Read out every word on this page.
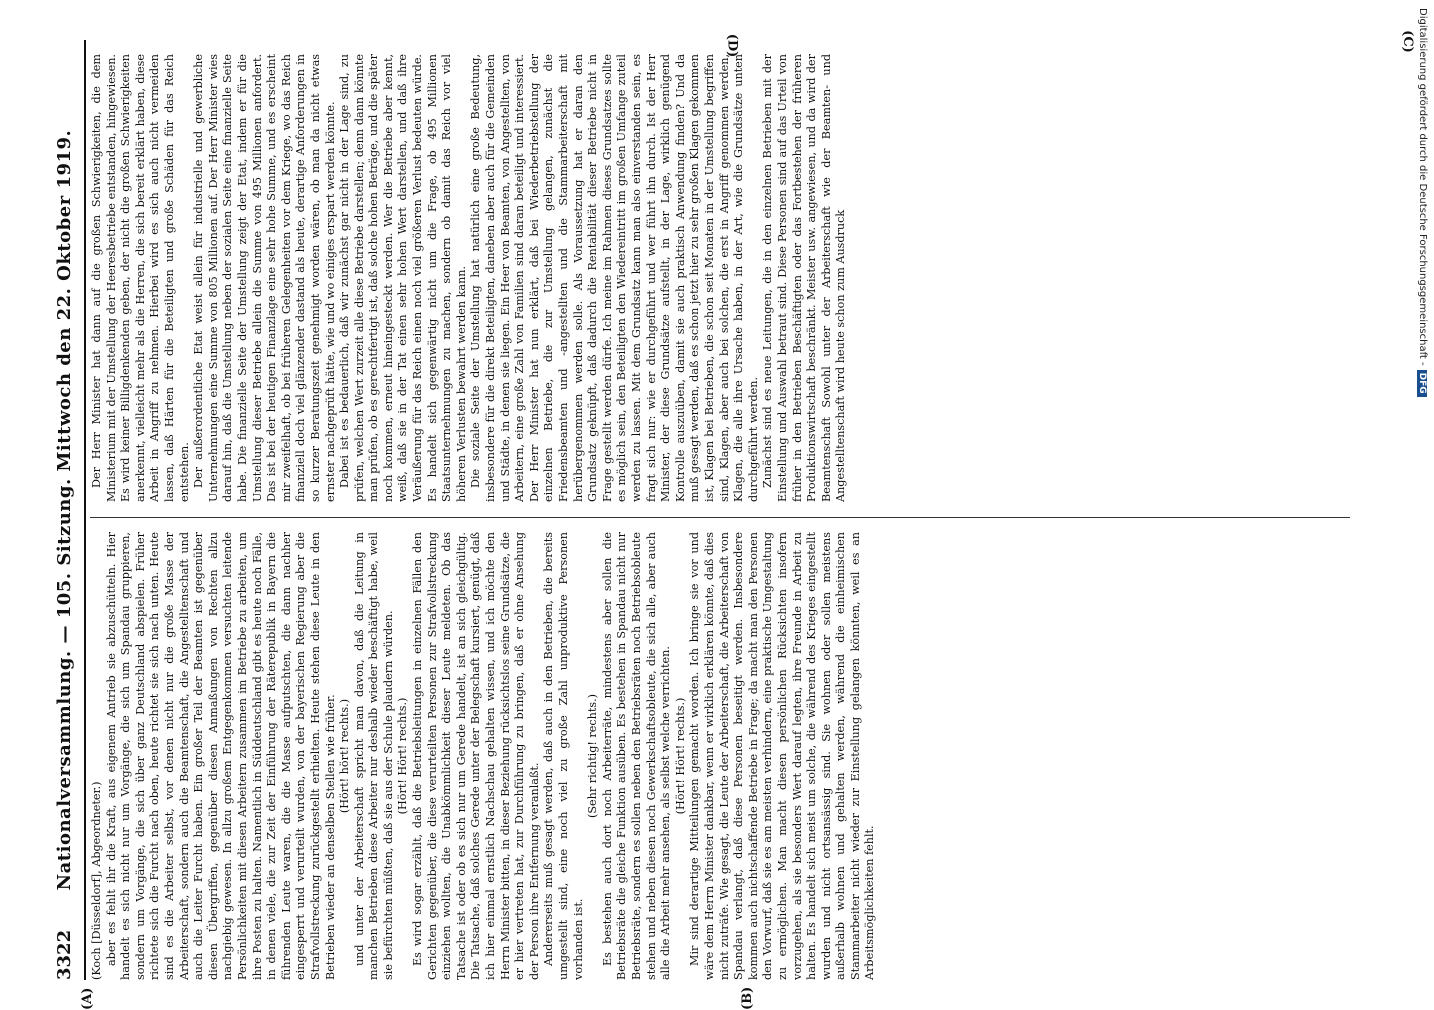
3322
Nationalversammlung. — 105. Sitzung. Mittwoch den 22. Oktober 1919. (Koch [Düsseldorf], Abgeordneter.) aber es fehlt ihr die Kraft, aus eigenem Antrieb sie abzuschütteln. Hier handelt es sich nicht nur um Vorgänge, die sich um Spandau gruppieren, sondern um Vorgänge, die sich über ganz Deutschland abspielen. Früher richtete sich die Furcht nach oben, heute richtet sie sich nach unten. Heute sind es die Arbeiter selbst, vor denen nicht nur die große Masse der Arbeiterschaft, sondern auch die Beamtenschaft, die Angestelltenschaft und auch die Leiter Furcht haben. Ein großer Teil der Beamten ist gegenüber diesen Übergriffen, gegenüber diesen Anmaßungen von Rechten allzu nachgiebig gewesen. In allzu großem Entgegenkommen versuchten leitende Persönlichkeiten mit diesen Arbeitern zusammen im Betriebe zu arbeiten, um ihre Posten zu halten. Namentlich in Süddeutschland gibt es heute noch Fälle, in denen viele, die zur Zeit der Einführung der Räterepublik in Bayern die führenden Leute waren, die die Masse aufputschten, die dann nachher eingesperrt und verurteilt wurden, von der bayerischen Regierung aber die Strafvollstreckung zurückgestellt erhielten. Heute stehen diese Leute in den Betrieben wieder an denselben Stellen wie früher. (Hört! hört! rechts.) und unter der Arbeiterschaft spricht man davon, daß die Leitung in manchen Betrieben diese Arbeiter nur deshalb wieder beschäftigt habe, weil sie befürchten müßten, daß sie aus der Schule plaudern würden. (Hört! Hört! rechts.) Es wird sogar erzählt, daß die Betriebsleitungen in einzelnen Fällen den Gerichten gegenüber, die diese verurteilten Personen zur Strafvollstreckung einziehen wollten, die Unabkömmlichkeit dieser Leute meldeten. Ob das Tatsache ist oder ob es sich nur um Gerede handelt, ist an sich gleichgültig. Die Tatsache, daß solches Gerede unter der Belegschaft kursiert, genügt, daß ich hier einmal ernstlich Nachschau gehalten wissen, und ich möchte den Herrn Minister bitten, in dieser Beziehung rücksichtslos seine Grundsätze, die er hier vertreten hat, zur Durchführung zu bringen, daß er ohne Ansehung der Person ihre Entfernung veranlaßt. Andererseits muß gesagt werden, daß auch in den Betrieben, die bereits umgestellt sind, eine noch viel zu große Zahl unproduktive Personen vorhanden ist.

(Sehr richtig! rechts.) Es bestehen auch dort noch Arbeiterräte, mindestens aber sollen die Betriebsräte die gleiche Funktion ausüben. Es bestehen in Spandau nicht nur Betriebsräte, sondern es sollen neben den Betriebsräten noch Betriebsobleute stehen und neben diesen noch Gewerkschaftsobleute, die sich alle, aber auch alle die Arbeit mehr ansehen, als selbst welche verrichten. (Hört! Hört! rechts.) Mir sind derartige Mitteilungen gemacht worden. Ich bringe sie vor und wäre dem Herrn Minister dankbar, wenn er wirklich erklären könnte, daß dies nicht zuträfe. Wie gesagt, die Leute der Arbeiterschaft, die Arbeiterschaft von Spandau verlangt, daß diese Personen beseitigt werden. Insbesondere kommen auch nichtschaffende Betriebe in Frage; da macht man den Personen den Vorwurf, daß sie es am meisten verhindern, eine praktische Umgestaltung zu ermöglichen. Man macht diesen persönlichen Rücksichten insofern vorzugehen, als sie besonders Wert darauf legten, ihre Freunde in Arbeit zu halten. Es handelt sich meist um solche, die während des Krieges eingestellt wurden und nicht ortsansässig sind. Sie wohnen oder sollen meistens außerhalb wohnen und gehalten werden, während die einheimischen Stammarbeiter nicht wieder zur Einstellung gelangen könnten, weil es an Arbeitsmöglichkeiten fehlt.

Der Herr Minister hat dann auf die großen Schwierigkeiten, die dem Ministerium mit der Umstellung der Heeresbetriebe entstanden, hingewiesen. Es wird keiner Billigdenkenden geben, der nicht die großen Schwierigkeiten anerkennt, vielleicht mehr als die Herren, die sich bereit erklärt haben, diese Arbeit in Angriff zu nehmen. Hierbei wird es sich auch nicht vermeiden lassen, daß Härten für die Beteiligten und große Schäden für das Reich entstehen. Der außerordentliche Etat weist allein für industrielle und gewerbliche Unternehmungen eine Summe von 805 Millionen auf. Der Herr Minister wies darauf hin, daß die Umstellung neben der sozialen Seite eine finanzielle Seite habe. Die finanzielle Seite der Umstellung zeigt der Etat, indem er für die Umstellung dieser Betriebe allein die Summe von 495 Millionen anfordert. Das ist bei der heutigen Finanzlage eine sehr hohe Summe, und es erscheint mir zweifelhaft, ob bei früheren Gelegenheiten vor dem Kriege, wo das Reich finanziell doch viel glänzender dastand als heute, derartige Anforderungen in so kurzer Beratungszeit genehmigt worden wären, ob man da nicht etwas ernster nachgeprüft hätte, wie und wo einiges erspart werden könnte. Dabei ist es bedauerlich, daß wir zunächst gar nicht in der Lage sind, zu prüfen, welchen Wert zurzeit alle diese Betriebe darstellen; denn dann könnte man prüfen, ob es gerechtfertigt ist, daß solche hohen Beträge, und die später noch kommen, erneut hineingesteckt werden. Wer die Betriebe aber kennt, weiß, daß sie in der Tat einen sehr hohen Wert darstellen, und daß ihre Veräußerung für das Reich einen noch viel größeren Verlust bedeuten würde. Es handelt sich gegenwärtig nicht um die Frage, ob 495 Millionen Staatsunternehmungen zu machen, sondern ob damit das Reich vor viel höheren Verlusten bewahrt werden kann. Die soziale Seite der Umstellung hat natürlich eine große Bedeutung, insbesondere für die direkt Beteiligten, daneben aber auch für die Gemeinden und Städte, in denen sie liegen. Ein Heer von Beamten, von Angestellten, von Arbeitern, eine große Zahl von Familien sind daran beteiligt und interessiert. Der Herr Minister hat nun erklärt, daß bei Wiederbetriebstellung der einzelnen Betriebe, die zur Umstellung gelangen, zunächst die Friedensbeamten und -angestellten und die Stammarbeiterschaft mit herübergenommen werden solle. Als Voraussetzung hat er daran den Grundsatz geknüpft, daß dadurch die Rentabilität dieser Betriebe nicht in Frage gestellt werden dürfe. Ich meine im Rahmen dieses Grundsatzes sollte es möglich sein, den Beteiligten den Wiedereintritt im großen Umfange zuteil werden zu lassen. Mit dem Grundsatz kann man also einverstanden sein, es fragt sich nur: wie er durchgeführt und wer führt ihn durch. Ist der Herr Minister, der diese Grundsätze aufstellt, in der Lage, wirklich genügend Kontrolle auszuüben, damit sie auch praktisch Anwendung finden? Und da muß gesagt werden, daß es schon jetzt hier zu sehr großen Klagen gekommen ist, Klagen bei Betrieben, die schon seit Monaten in der Umstellung begriffen sind, Klagen, aber auch bei solchen, die erst in Angriff genommen werden, Klagen, die alle ihre Ursache haben, in der Art, wie die Grundsätze unten durchgeführt werden. Zunächst sind es neue Leitungen, die in den einzelnen Betrieben mit der Einstellung und Auswahl betraut sind. Diese Personen sind auf das Urteil von früher in den Betrieben Beschäftigten oder das Fortbestehen der früheren Produktionswirtschaft beschränkt. Meister usw. angewiesen, und da wird der Beamtenschaft Sowohl unter der Arbeiterschaft wie der Beamten- und Angestelltenschaft wird heute schon zum Ausdruck

(A)	(B)
(C)
(D)	Digitalisierung gefördert durch die Deutsche Forschungsgemeinschaft -DFG
